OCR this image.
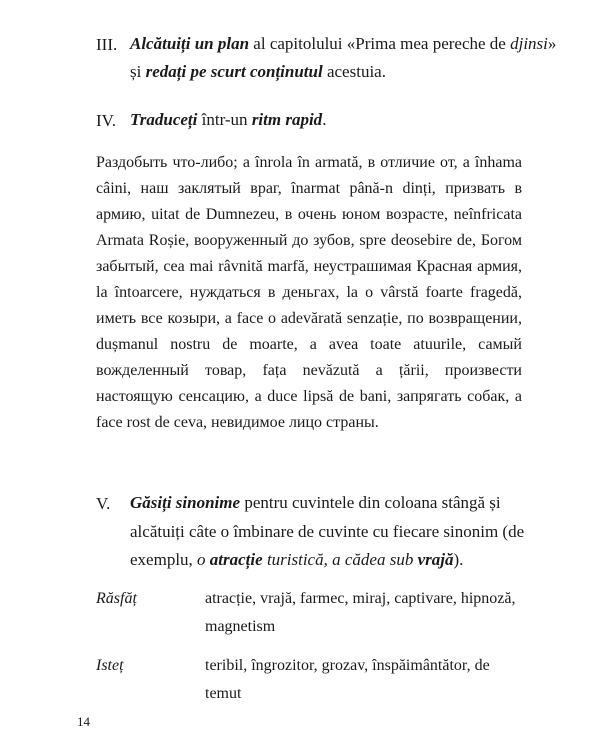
III. Alcătuiți un plan al capitolului «Prima mea pereche de djinsi»
și redați pe scurt conținutul acestuia.
IV. Traduceți într-un ritm rapid.
Раздобыть что-либо; a înrola în armată, в отличие от, a înhama
câini, наш заклятый враг, înarmat până-n dinți, призвать в
армию, uitat de Dumnezeu, в очень юном возрасте, neînfricata
Armata Roșie, вооруженный до зубов, spre deosebire de, Богом
забытый, cea mai râvnită marfă, неустрашимая Красная армия,
la întoarcere, нуждаться в деньгах, la o vârstă foarte fragedă,
иметь все козыри, a face o adevărată senzație, по возвращении,
dușmanul nostru de moarte, a avea toate atuurile, самый
вожделенный товар, fața nevăzută a țării, произвести
настоящую сенсацию, a duce lipsă de bani, запрягать собак, a
face rost de ceva, невидимое лицо страны.
V. Găsiți sinonime pentru cuvintele din coloana stângă și
alcătuiți câte o îmbinare de cuvinte cu fiecare sinonim (de
exemplu, o atracție turistică, a cădea sub vrajă).
Răsfăț	atracție, vrajă, farmec, miraj, captivare, hipnoză,
magnetism
Isteț	teribil, îngrozitor, grozav, înspăimântător, de
temut
14
